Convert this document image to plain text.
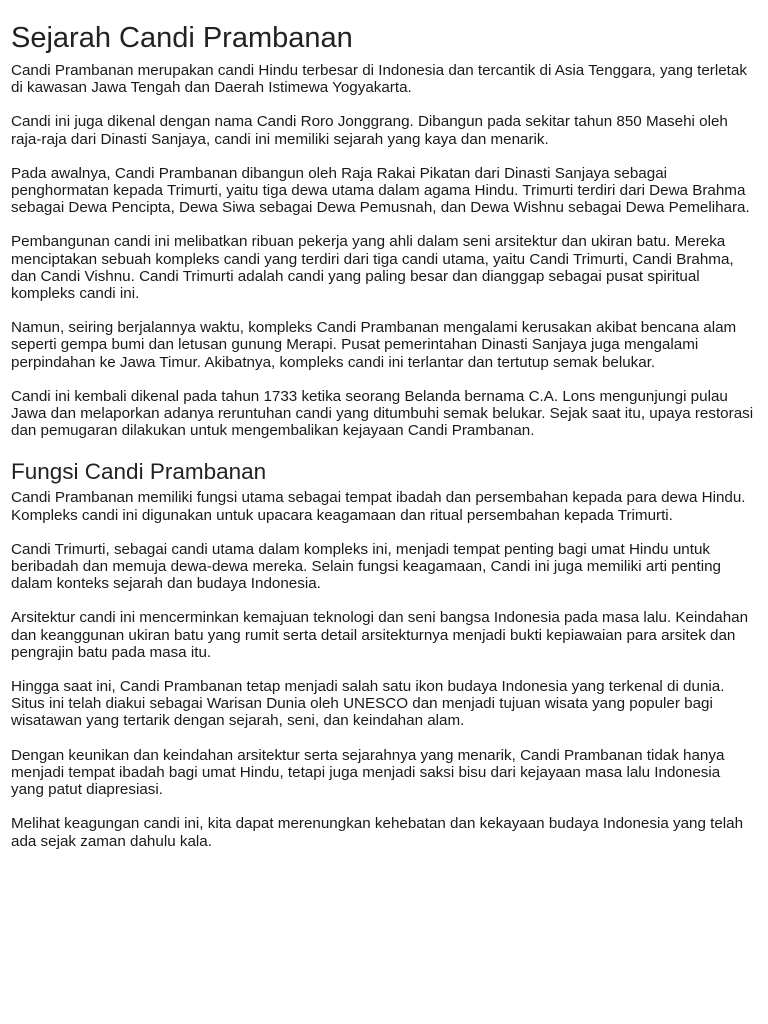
Sejarah Candi Prambanan

Candi Prambanan merupakan candi Hindu terbesar di Indonesia dan tercantik di Asia Tenggara, yang terletak di kawasan Jawa Tengah dan Daerah Istimewa Yogyakarta.

Candi ini juga dikenal dengan nama Candi Roro Jonggrang. Dibangun pada sekitar tahun 850 Masehi oleh raja-raja dari Dinasti Sanjaya, candi ini memiliki sejarah yang kaya dan menarik.

Pada awalnya, Candi Prambanan dibangun oleh Raja Rakai Pikatan dari Dinasti Sanjaya sebagai penghormatan kepada Trimurti, yaitu tiga dewa utama dalam agama Hindu. Trimurti terdiri dari Dewa Brahma sebagai Dewa Pencipta, Dewa Siwa sebagai Dewa Pemusnah, dan Dewa Wishnu sebagai Dewa Pemelihara.

Pembangunan candi ini melibatkan ribuan pekerja yang ahli dalam seni arsitektur dan ukiran batu. Mereka menciptakan sebuah kompleks candi yang terdiri dari tiga candi utama, yaitu Candi Trimurti, Candi Brahma, dan Candi Vishnu. Candi Trimurti adalah candi yang paling besar dan dianggap sebagai pusat spiritual kompleks candi ini.

Namun, seiring berjalannya waktu, kompleks Candi Prambanan mengalami kerusakan akibat bencana alam seperti gempa bumi dan letusan gunung Merapi. Pusat pemerintahan Dinasti Sanjaya juga mengalami perpindahan ke Jawa Timur. Akibatnya, kompleks candi ini terlantar dan tertutup semak belukar.

Candi ini kembali dikenal pada tahun 1733 ketika seorang Belanda bernama C.A. Lons mengunjungi pulau Jawa dan melaporkan adanya reruntuhan candi yang ditumbuhi semak belukar. Sejak saat itu, upaya restorasi dan pemugaran dilakukan untuk mengembalikan kejayaan Candi Prambanan.

Fungsi Candi Prambanan

Candi Prambanan memiliki fungsi utama sebagai tempat ibadah dan persembahan kepada para dewa Hindu. Kompleks candi ini digunakan untuk upacara keagamaan dan ritual persembahan kepada Trimurti.

Candi Trimurti, sebagai candi utama dalam kompleks ini, menjadi tempat penting bagi umat Hindu untuk beribadah dan memuja dewa-dewa mereka. Selain fungsi keagamaan, Candi ini juga memiliki arti penting dalam konteks sejarah dan budaya Indonesia.

Arsitektur candi ini mencerminkan kemajuan teknologi dan seni bangsa Indonesia pada masa lalu. Keindahan dan keanggunan ukiran batu yang rumit serta detail arsitekturnya menjadi bukti kepiawaian para arsitek dan pengrajin batu pada masa itu.

Hingga saat ini, Candi Prambanan tetap menjadi salah satu ikon budaya Indonesia yang terkenal di dunia. Situs ini telah diakui sebagai Warisan Dunia oleh UNESCO dan menjadi tujuan wisata yang populer bagi wisatawan yang tertarik dengan sejarah, seni, dan keindahan alam.

Dengan keunikan dan keindahan arsitektur serta sejarahnya yang menarik, Candi Prambanan tidak hanya menjadi tempat ibadah bagi umat Hindu, tetapi juga menjadi saksi bisu dari kejayaan masa lalu Indonesia yang patut diapresiasi.

Melihat keagungan candi ini, kita dapat merenungkan kehebatan dan kekayaan budaya Indonesia yang telah ada sejak zaman dahulu kala.
